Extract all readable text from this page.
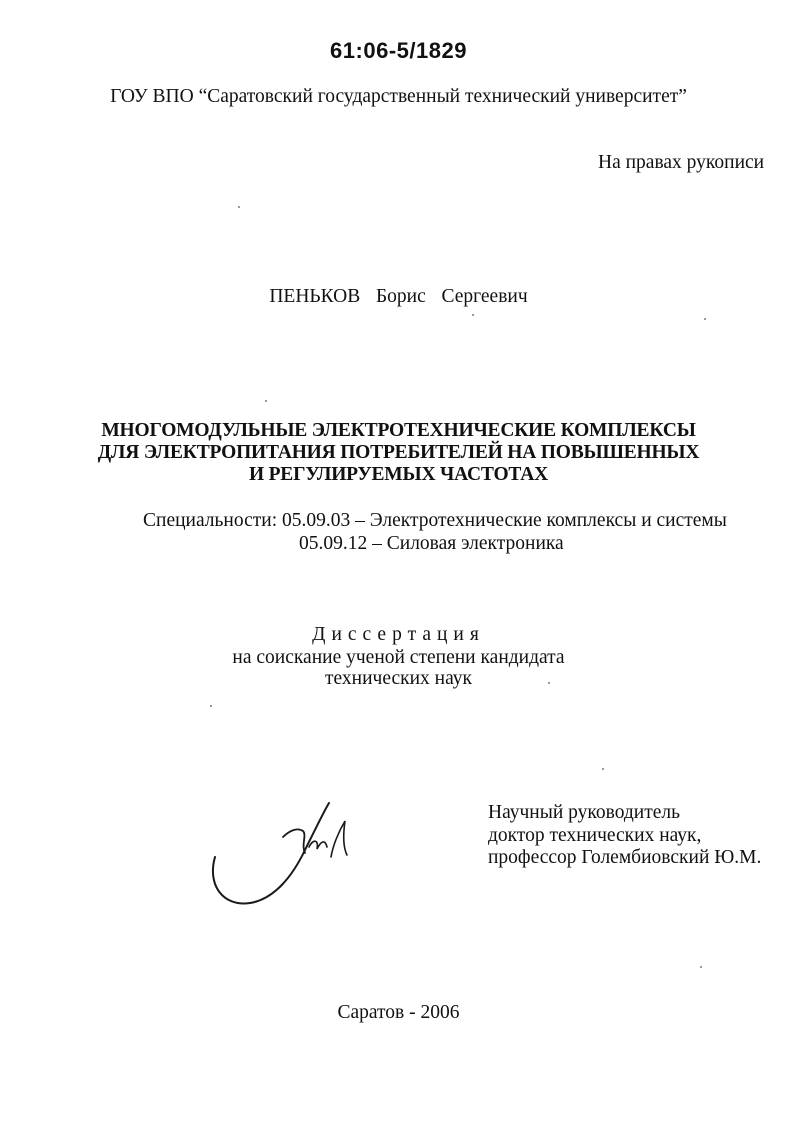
61:06-5/1829
ГОУ ВПО “Саратовский государственный технический университет”
На правах рукописи
ПЕНЬКОВ  Борис  Сергеевич
МНОГОМОДУЛЬНЫЕ ЭЛЕКТРОТЕХНИЧЕСКИЕ КОМПЛЕКСЫ
ДЛЯ ЭЛЕКТРОПИТАНИЯ ПОТРЕБИТЕЛЕЙ НА ПОВЫШЕННЫХ
И РЕГУЛИРУЕМЫХ ЧАСТОТАХ
Специальности: 05.09.03 – Электротехнические комплексы и системы
05.09.12 – Силовая электроника
Диссертация
на соискание ученой степени кандидата
технических наук
Научный руководитель
доктор технических наук,
профессор Голембиовский Ю.М.
Саратов - 2006
